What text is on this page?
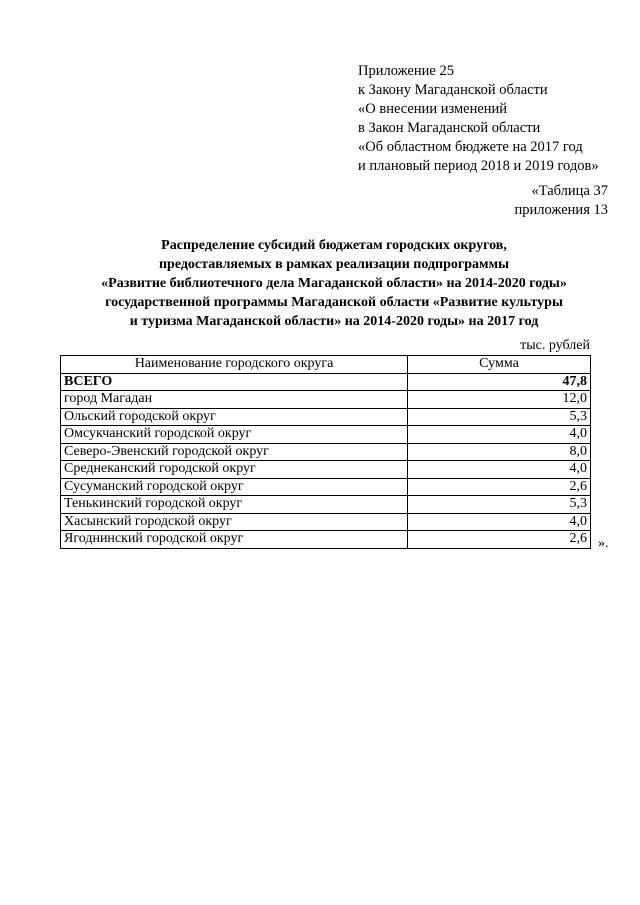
Приложение 25
к Закону Магаданской области
«О внесении изменений
в Закон Магаданской области
«Об областном бюджете на 2017 год
и плановый период 2018 и 2019 годов»
«Таблица 37
приложения 13
Распределение субсидий бюджетам городских округов,
предоставляемых в рамках реализации подпрограммы
«Развитие библиотечного дела Магаданской области» на 2014-2020 годы»
государственной программы Магаданской области «Развитие культуры
и туризма Магаданской области» на 2014-2020 годы» на 2017 год
тыс. рублей
Наименование городского округа	Сумма
ВСЕГО	47,8
город Магадан	12,0
Ольский городской округ	5,3
Омсукчанский городской округ	4,0
Северо-Эвенский городской округ	8,0
Среднеканский городской округ	4,0
Сусуманский городской округ	2,6
Тенькинский городской округ	5,3
Хасынский городской округ	4,0
Ягоднинский городской округ	2,6 ».
